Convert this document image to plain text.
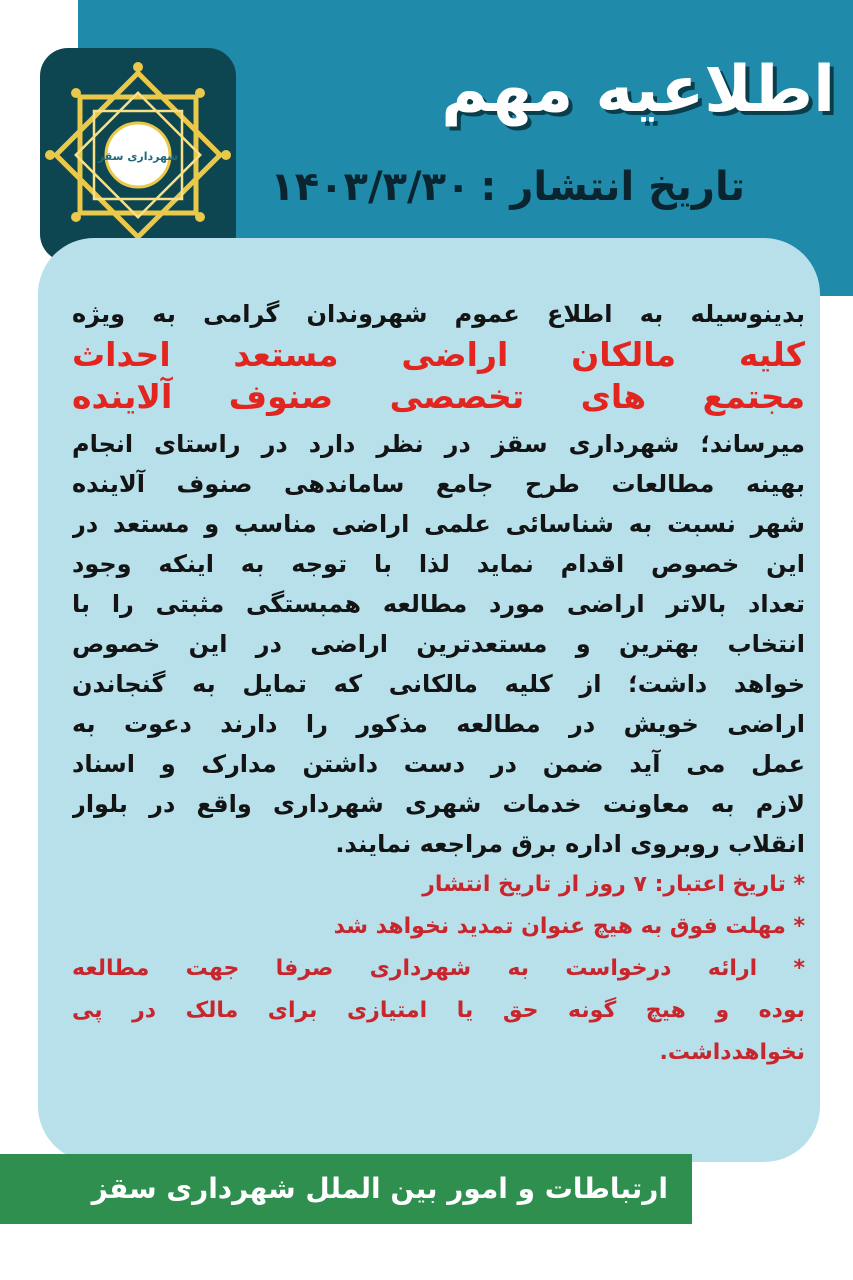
اطلاعیه مهم
تاریخ انتشار :۱۴۰۳/۳/۳۰
شهرداری سقز
بدینوسیله به اطلاع عموم شهروندان گرامی به ویژه
کلیه مالکان اراضی مستعد احداث
مجتمع های تخصصی صنوف آلاینده
میرساند؛ شهرداری سقز در نظر دارد در راستای انجام
بهینه مطالعات طرح جامع ساماندهی صنوف آلاینده
شهر نسبت به شناسائی علمی اراضی مناسب و مستعد در
این خصوص اقدام نماید لذا با توجه به اینکه وجود
تعداد بالاتر اراضی مورد مطالعه همبستگی مثبتی را با
انتخاب بهترین و مستعدترین اراضی در این خصوص
خواهد داشت؛ از کلیه مالکانی که تمایل به گنجاندن
اراضی خویش در مطالعه مذکور را دارند دعوت به
عمل می آید ضمن در دست داشتن مدارک و اسناد
لازم به معاونت خدمات شهری شهرداری واقع در بلوار
انقلاب روبروی اداره برق مراجعه نمایند.
* تاریخ اعتبار: ۷ روز از تاریخ انتشار
* مهلت فوق به هیچ عنوان تمدید نخواهد شد
* ارائه درخواست به شهرداری صرفا جهت مطالعه
بوده و هیچ گونه حق یا امتیازی برای مالک در پی
نخواهدداشت.
ارتباطات و امور بین الملل شهرداری سقز
